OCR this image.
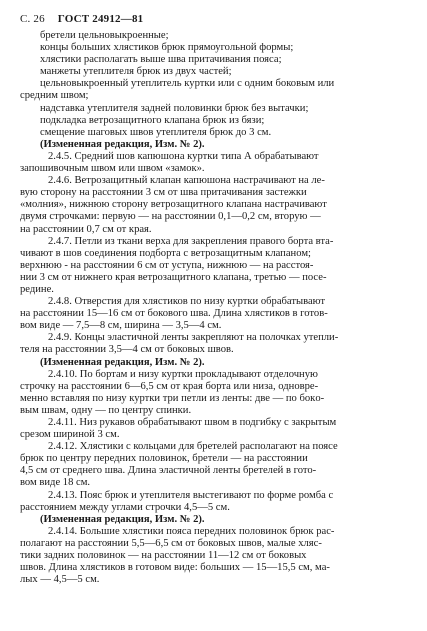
С. 26 ГОСТ 24912—81
бретели цельновыкроенные;
концы больших хлястиков брюк прямоугольной формы;
хлястики располагать выше шва притачивания пояса;
манжеты утеплителя брюк из двух частей;
цельновыкроенный утеплитель куртки или с одним боковым или
средним швом;
надставка утеплителя задней половинки брюк без вытачки;
подкладка ветрозащитного клапана брюк из бязи;
смещение шаговых швов утеплителя брюк до 3 см.
(Измененная редакция, Изм. № 2).
2.4.5. Средний шов капюшона куртки типа А обрабатывают
запошивочным швом или швом «замок».
2.4.6. Ветрозащитный клапан капюшона настрачивают на ле-
вую сторону на расстоянии 3 см от шва притачивания застежки
«молния», нижнюю сторону ветрозащитного клапана настрачивают
двумя строчками: первую — на расстоянии 0,1—0,2 см, вторую —
на расстоянии 0,7 см от края.
2.4.7. Петли из ткани верха для закрепления правого борта вта-
чивают в шов соединения подборта с ветрозащитным клапаном;
верхнюю - на расстоянии 6 см от уступа, нижнюю — на расстоя-
нии 3 см от нижнего края ветрозащитного клапана, третью — посе-
редине.
2.4.8. Отверстия для хлястиков по низу куртки обрабатывают
на расстоянии 15—16 см от бокового шва. Длина хлястиков в готов-
вом виде — 7,5—8 см, ширина — 3,5—4 см.
2.4.9. Концы эластичной ленты закрепляют на полочках утепли-
теля на расстоянии 3,5—4 см от боковых швов.
(Измененная редакция, Изм. № 2).
2.4.10. По бортам и низу куртки прокладывают отделочную
строчку на расстоянии 6—6,5 см от края борта или низа, одновре-
менно вставляя по низу куртки три петли из ленты: две — по бокo-
вым швам, одну — по центру спинки.
2.4.11. Низ рукавов обрабатывают швом в подгибку с закрытым
срезом шириной 3 см.
2.4.12. Хлястики с кольцами для бретелей располагают на поясе
брюк по центру передних половинок, бретели — на расстоянии
4,5 см от среднего шва. Длина эластичной ленты бретелей в гото-
вом виде 18 см.
2.4.13. Пояс брюк и утеплителя выстегивают по форме ромба с
расстоянием между углами строчки 4,5—5 см.
(Измененная редакция, Изм. № 2).
2.4.14. Большие хлястики пояса передних половинок брюк рас-
полагают на расстоянии 5,5—6,5 см от боковых швов, малые хляс-
тики задних половинок — на расстоянии 11—12 см от боковых
швов. Длина хлястиков в готовом виде: больших — 15—15,5 см, ма-
лых — 4,5—5 см.
